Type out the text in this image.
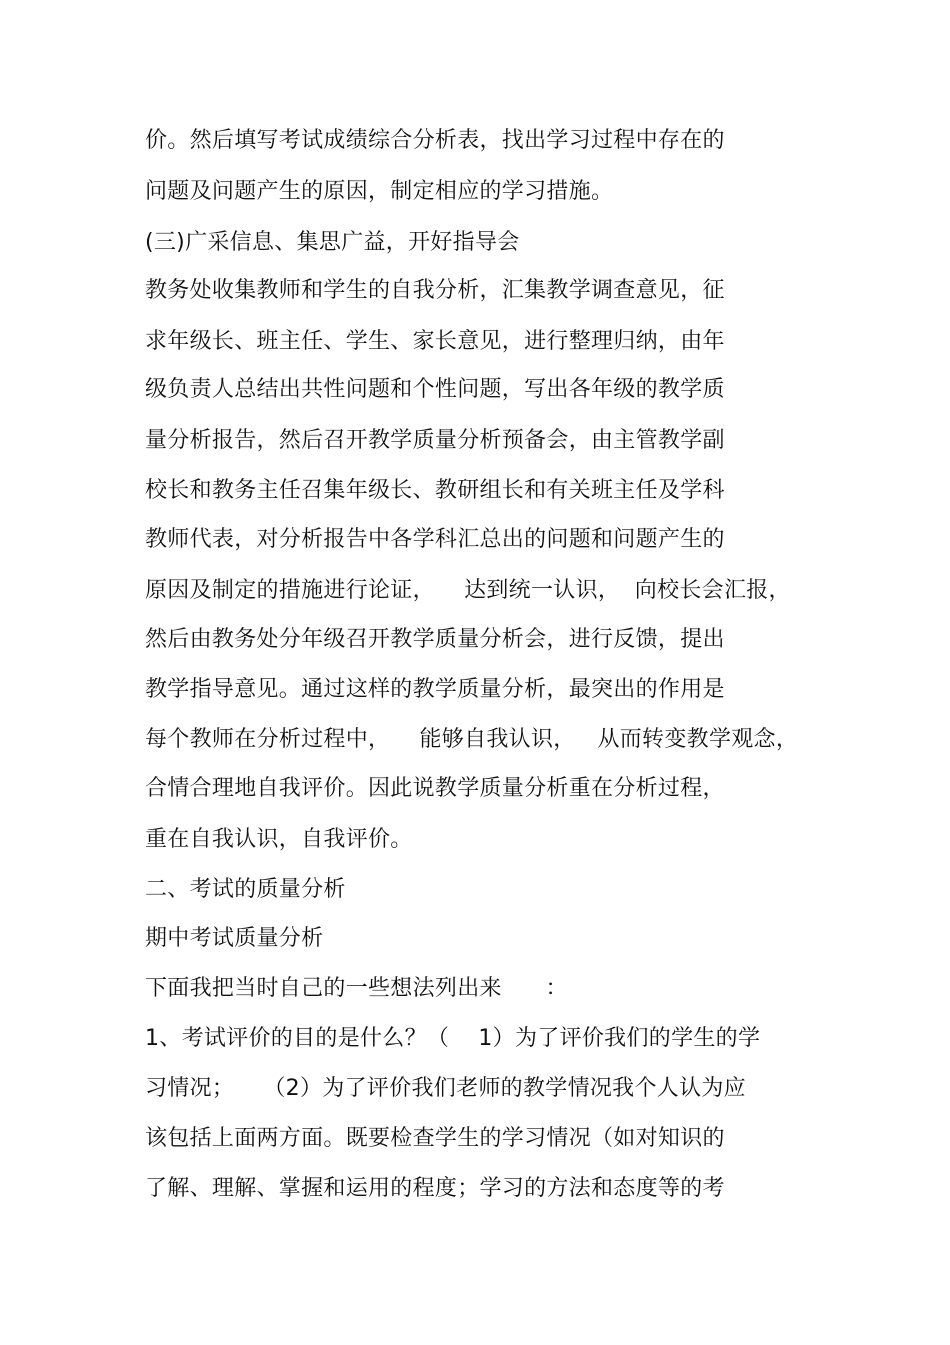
价。然后填写考试成绩综合分析表，找出学习过程中存在的
问题及问题产生的原因，制定相应的学习措施。
(三)广采信息、集思广益，开好指导会
教务处收集教师和学生的自我分析，汇集教学调查意见，征
求年级长、班主任、学生、家长意见，进行整理归纳，由年
级负责人总结出共性问题和个性问题，写出各年级的教学质
量分析报告，然后召开教学质量分析预备会，由主管教学副
校长和教务主任召集年级长、教研组长和有关班主任及学科
教师代表，对分析报告中各学科汇总出的问题和问题产生的
原因及制定的措施进行论证，    达到统一认识，  向校长会汇报，
然后由教务处分年级召开教学质量分析会，进行反馈，提出
教学指导意见。通过这样的教学质量分析，最突出的作用是
每个教师在分析过程中，    能够自我认识，   从而转变教学观念，
合情合理地自我评价。因此说教学质量分析重在分析过程，
重在自我认识，自我评价。
二、考试的质量分析
期中考试质量分析
下面我把当时自己的一些想法列出来      ：
1、考试评价的目的是什么？（    1）为了评价我们的学生的学
习情况；    （2）为了评价我们老师的教学情况我个人认为应
该包括上面两方面。既要检查学生的学习情况（如对知识的
了解、理解、掌握和运用的程度；学习的方法和态度等的考
